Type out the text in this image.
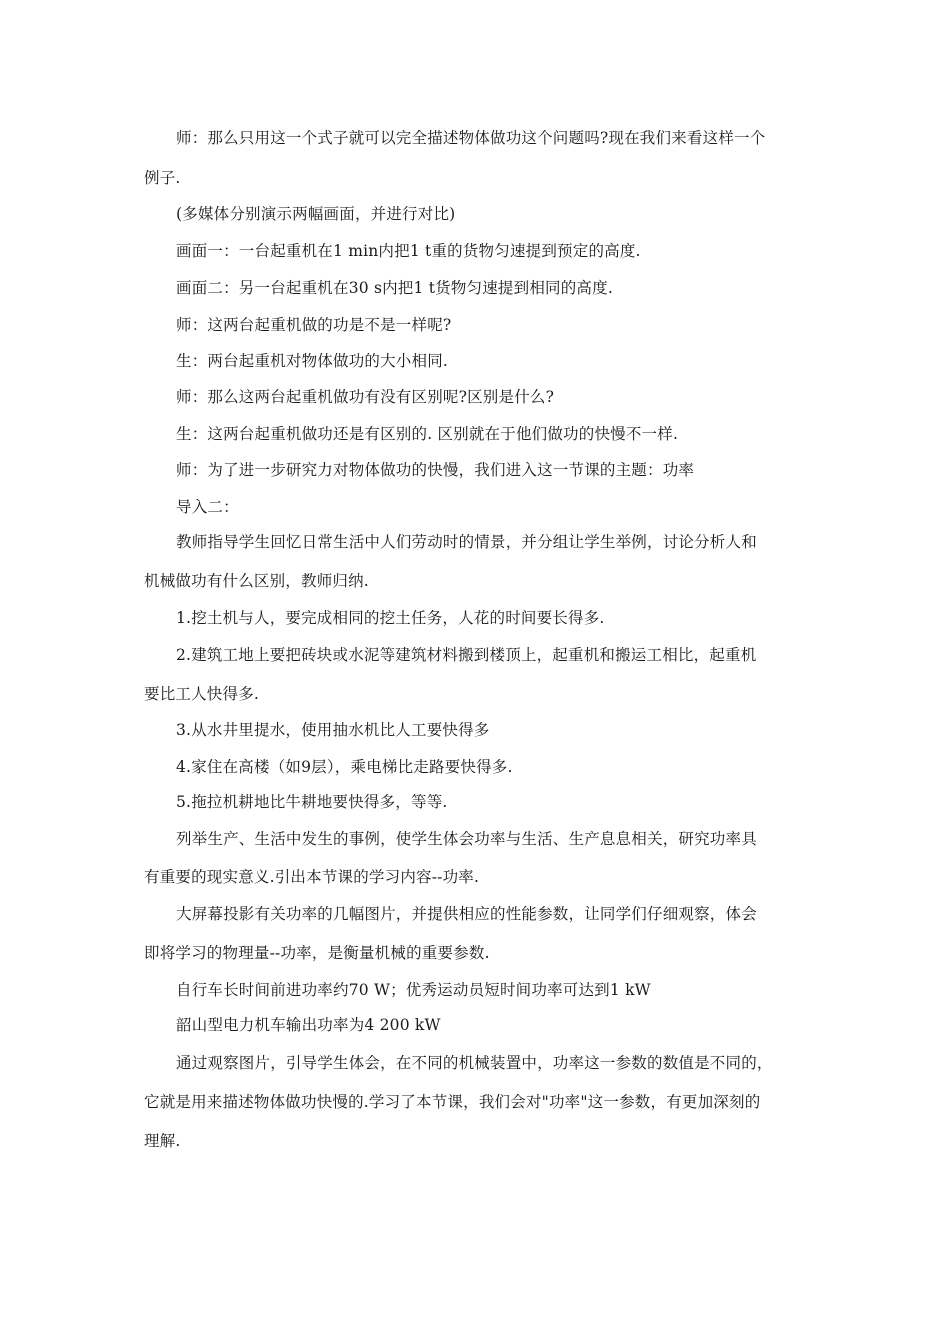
师：那么只用这一个式子就可以完全描述物体做功这个问题吗?现在我们来看这样一个
例子.
(多媒体分别演示两幅画面，并进行对比)
画面一：一台起重机在1 min内把1 t重的货物匀速提到预定的高度.
画面二：另一台起重机在30 s内把1 t货物匀速提到相同的高度.
师：这两台起重机做的功是不是一样呢?
生：两台起重机对物体做功的大小相同.
师：那么这两台起重机做功有没有区别呢?区别是什么?
生：这两台起重机做功还是有区别的. 区别就在于他们做功的快慢不一样.
师：为了进一步研究力对物体做功的快慢，我们进入这一节课的主题：功率
导入二：
教师指导学生回忆日常生活中人们劳动时的情景，并分组让学生举例，讨论分析人和
机械做功有什么区别，教师归纳.
1.挖土机与人，要完成相同的挖土任务，人花的时间要长得多.
2.建筑工地上要把砖块或水泥等建筑材料搬到楼顶上，起重机和搬运工相比，起重机
要比工人快得多.
3.从水井里提水，使用抽水机比人工要快得多
4.家住在高楼（如9层），乘电梯比走路要快得多.
5.拖拉机耕地比牛耕地要快得多，等等.
列举生产、生活中发生的事例，使学生体会功率与生活、生产息息相关，研究功率具
有重要的现实意义.引出本节课的学习内容--功率.
大屏幕投影有关功率的几幅图片，并提供相应的性能参数，让同学们仔细观察，体会
即将学习的物理量--功率，是衡量机械的重要参数.
自行车长时间前进功率约70 W；优秀运动员短时间功率可达到1 kW
韶山型电力机车输出功率为4 200 kW
通过观察图片，引导学生体会，在不同的机械装置中，功率这一参数的数值是不同的，
它就是用来描述物体做功快慢的.学习了本节课，我们会对"功率"这一参数，有更加深刻的
理解.
